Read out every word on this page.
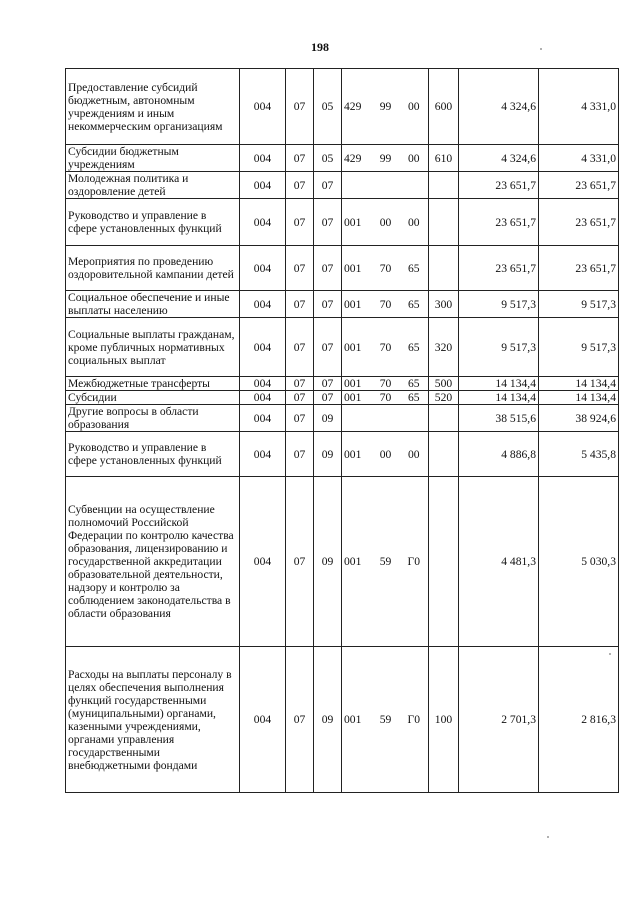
198
Предоставление субсидий бюджетным, автономным учреждениям и иным некоммерческим организациям	004	07	05	429	99	00	600	4 324,6	4 331,0
Субсидии бюджетным учреждениям	004	07	05	429	99	00	610	4 324,6	4 331,0
Молодежная политика и оздоровление детей	004	07	07					23 651,7	23 651,7
Руководство и управление в сфере установленных функций	004	07	07	001	00	00		23 651,7	23 651,7
Мероприятия по проведению оздоровительной кампании детей	004	07	07	001	70	65		23 651,7	23 651,7
Социальное обеспечение и иные выплаты населению	004	07	07	001	70	65	300	9 517,3	9 517,3
Социальные выплаты гражданам, кроме публичных нормативных социальных выплат	004	07	07	001	70	65	320	9 517,3	9 517,3
Межбюджетные трансферты	004	07	07	001	70	65	500	14 134,4	14 134,4
Субсидии	004	07	07	001	70	65	520	14 134,4	14 134,4
Другие вопросы в области образования	004	07	09					38 515,6	38 924,6
Руководство и управление в сфере установленных функций	004	07	09	001	00	00		4 886,8	5 435,8
Субвенции на осуществление полномочий Российской Федерации по контролю качества образования, лицензированию и государственной аккредитации образовательной деятельности, надзору и контролю за соблюдением законодательства в области образования	004	07	09	001	59	Г0		4 481,3	5 030,3
Расходы на выплаты персоналу в целях обеспечения выполнения функций государственными (муниципальными) органами, казенными учреждениями, органами управления государственными внебюджетными фондами	004	07	09	001	59	Г0	100	2 701,3	2 816,3
